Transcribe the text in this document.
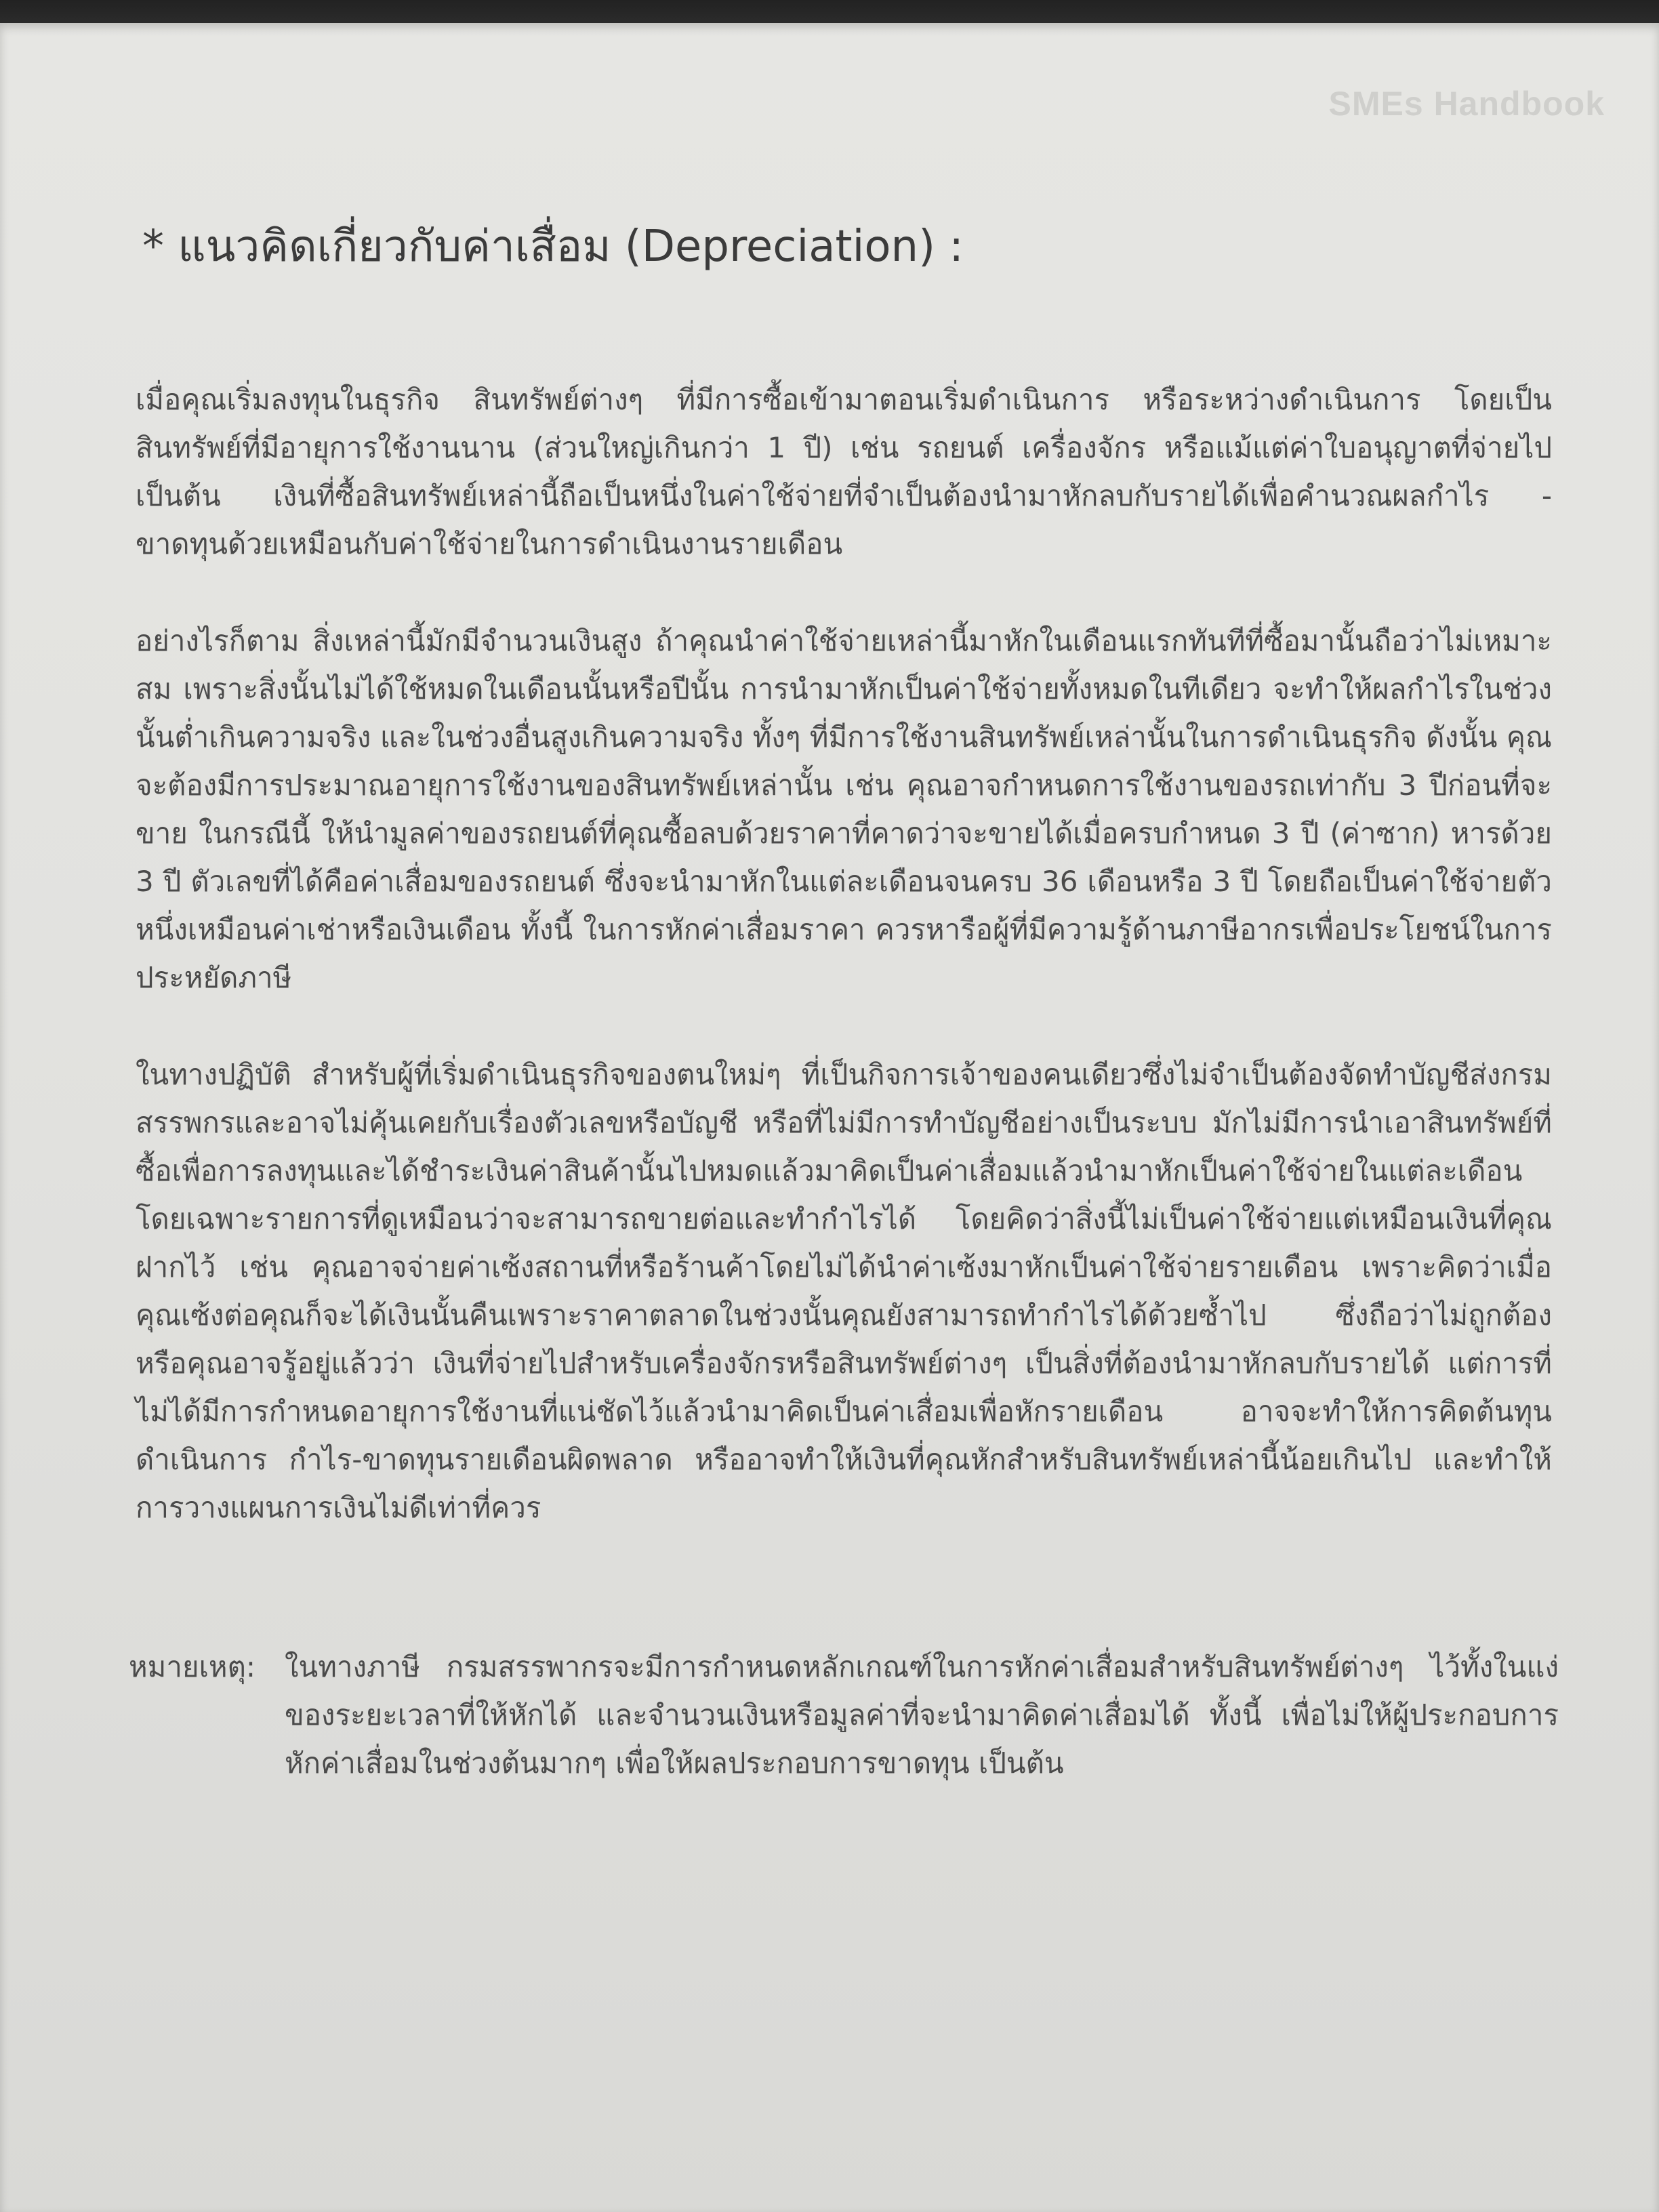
SMEs Handbook
* แนวคิดเกี่ยวกับค่าเสื่อม (Depreciation) :

เมื่อคุณเริ่มลงทุนในธุรกิจ สินทรัพย์ต่างๆ ที่มีการซื้อเข้ามาตอนเริ่มดำเนินการ หรือระหว่างดำเนินการ โดยเป็นสินทรัพย์ที่มีอายุการใช้งานนาน (ส่วนใหญ่เกินกว่า 1 ปี) เช่น รถยนต์ เครื่องจักร หรือแม้แต่ค่าใบอนุญาตที่จ่ายไป เป็นต้น เงินที่ซื้อสินทรัพย์เหล่านี้ถือเป็นหนึ่งในค่าใช้จ่ายที่จำเป็นต้องนำมาหักลบกับรายได้เพื่อคำนวณผลกำไร - ขาดทุนด้วยเหมือนกับค่าใช้จ่ายในการดำเนินงานรายเดือน

อย่างไรก็ตาม สิ่งเหล่านี้มักมีจำนวนเงินสูง ถ้าคุณนำค่าใช้จ่ายเหล่านี้มาหักในเดือนแรกทันทีที่ซื้อมานั้นถือว่าไม่เหมาะสม เพราะสิ่งนั้นไม่ได้ใช้หมดในเดือนนั้นหรือปีนั้น การนำมาหักเป็นค่าใช้จ่ายทั้งหมดในทีเดียว จะทำให้ผลกำไรในช่วงนั้นต่ำเกินความจริง และในช่วงอื่นสูงเกินความจริง ทั้งๆ ที่มีการใช้งานสินทรัพย์เหล่านั้นในการดำเนินธุรกิจ ดังนั้น คุณจะต้องมีการประมาณอายุการใช้งานของสินทรัพย์เหล่านั้น เช่น คุณอาจกำหนดการใช้งานของรถเท่ากับ 3 ปีก่อนที่จะขาย ในกรณีนี้ ให้นำมูลค่าของรถยนต์ที่คุณซื้อลบด้วยราคาที่คาดว่าจะขายได้เมื่อครบกำหนด 3 ปี (ค่าซาก) หารด้วย 3 ปี ตัวเลขที่ได้คือค่าเสื่อมของรถยนต์ ซึ่งจะนำมาหักในแต่ละเดือนจนครบ 36 เดือนหรือ 3 ปี โดยถือเป็นค่าใช้จ่ายตัวหนึ่งเหมือนค่าเช่าหรือเงินเดือน ทั้งนี้ ในการหักค่าเสื่อมราคา ควรหารือผู้ที่มีความรู้ด้านภาษีอากรเพื่อประโยชน์ในการประหยัดภาษี

ในทางปฏิบัติ สำหรับผู้ที่เริ่มดำเนินธุรกิจของตนใหม่ๆ ที่เป็นกิจการเจ้าของคนเดียวซึ่งไม่จำเป็นต้องจัดทำบัญชีส่งกรมสรรพกรและอาจไม่คุ้นเคยกับเรื่องตัวเลขหรือบัญชี หรือที่ไม่มีการทำบัญชีอย่างเป็นระบบ มักไม่มีการนำเอาสินทรัพย์ที่ซื้อเพื่อการลงทุนและได้ชำระเงินค่าสินค้านั้นไปหมดแล้วมาคิดเป็นค่าเสื่อมแล้วนำมาหักเป็นค่าใช้จ่ายในแต่ละเดือน โดยเฉพาะรายการที่ดูเหมือนว่าจะสามารถขายต่อและทำกำไรได้ โดยคิดว่าสิ่งนี้ไม่เป็นค่าใช้จ่ายแต่เหมือนเงินที่คุณฝากไว้ เช่น คุณอาจจ่ายค่าเซ้งสถานที่หรือร้านค้าโดยไม่ได้นำค่าเซ้งมาหักเป็นค่าใช้จ่ายรายเดือน เพราะคิดว่าเมื่อคุณเซ้งต่อคุณก็จะได้เงินนั้นคืนเพราะราคาตลาดในช่วงนั้นคุณยังสามารถทำกำไรได้ด้วยซ้ำไป ซึ่งถือว่าไม่ถูกต้อง หรือคุณอาจรู้อยู่แล้วว่า เงินที่จ่ายไปสำหรับเครื่องจักรหรือสินทรัพย์ต่างๆ เป็นสิ่งที่ต้องนำมาหักลบกับรายได้ แต่การที่ไม่ได้มีการกำหนดอายุการใช้งานที่แน่ชัดไว้แล้วนำมาคิดเป็นค่าเสื่อมเพื่อหักรายเดือน อาจจะทำให้การคิดต้นทุนดำเนินการ กำไร-ขาดทุนรายเดือนผิดพลาด หรืออาจทำให้เงินที่คุณหักสำหรับสินทรัพย์เหล่านี้น้อยเกินไป และทำให้การวางแผนการเงินไม่ดีเท่าที่ควร

หมายเหตุ:	ในทางภาษี กรมสรรพากรจะมีการกำหนดหลักเกณฑ์ในการหักค่าเสื่อมสำหรับสินทรัพย์ต่างๆ ไว้ทั้งในแง่ของระยะเวลาที่ให้หักได้ และจำนวนเงินหรือมูลค่าที่จะนำมาคิดค่าเสื่อมได้ ทั้งนี้ เพื่อไม่ให้ผู้ประกอบการหักค่าเสื่อมในช่วงต้นมากๆ เพื่อให้ผลประกอบการขาดทุน เป็นต้น
